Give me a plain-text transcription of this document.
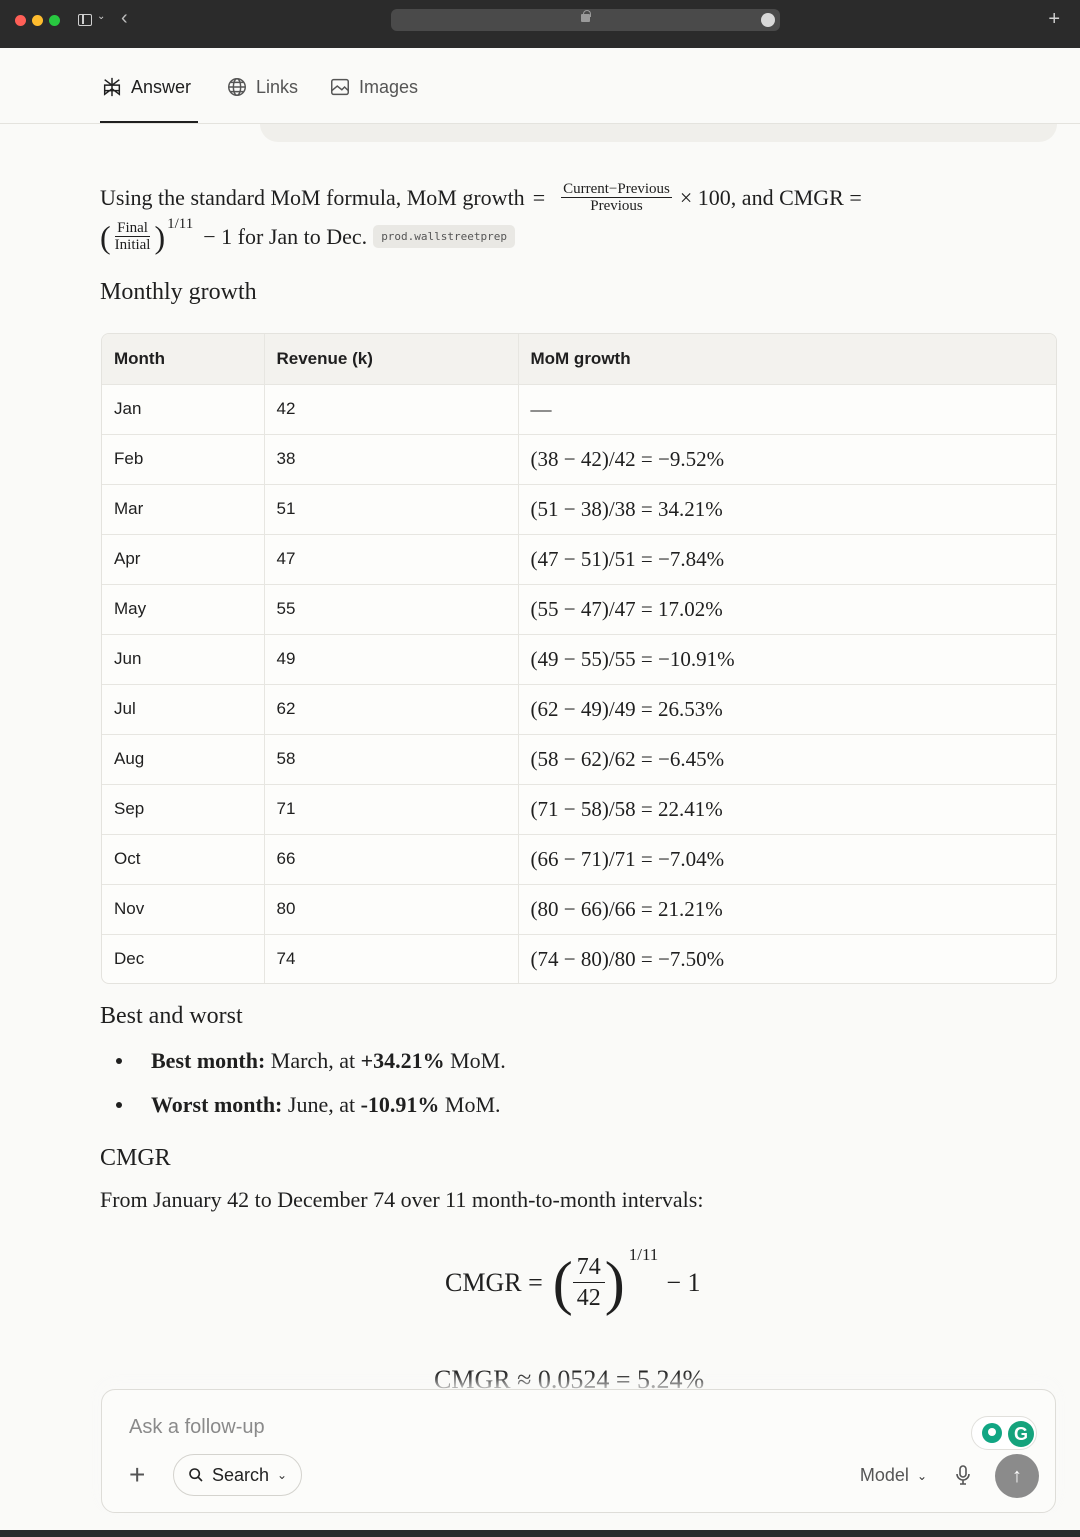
⌄ ‹	+
Answer	Links	Images
Using the standard MoM formula, MoM growth = $\frac{\text{Current−Previous}}{\text{Previous}} \times 100$, and CMGR =
( $\frac{\text{Final}}{\text{Initial}}$ ) 1/11 − 1 for Jan to Dec.	prod.wallstreetprep
Monthly growth
Month	Revenue (k)	MoM growth
Jan	42	—
Feb	38	(38 − 42)/42 = −9.52%
Mar	51	(51 − 38)/38 = 34.21%
Apr	47	(47 − 51)/51 = −7.84%
May	55	(55 − 47)/47 = 17.02%
Jun	49	(49 − 55)/55 = −10.91%
Jul	62	(62 − 49)/49 = 26.53%
Aug	58	(58 − 62)/62 = −6.45%
Sep	71	(71 − 58)/58 = 22.41%
Oct	66	(66 − 71)/71 = −7.04%
Nov	80	(80 − 66)/66 = 21.21%
Dec	74	(74 − 80)/80 = −7.50%
Best and worst
Best month: March, at +34.21% MoM.
Worst month: June, at -10.91% MoM.
CMGR
From January 42 to December 74 over 11 month-to-month intervals:
CMGR = ( $\frac{74}{42}$ ) 1/11
− 1
CMGR ≈ 0.0524 = 5.24%
Ask a follow-up
G
+	Search ⌄	Model ⌄	↑
